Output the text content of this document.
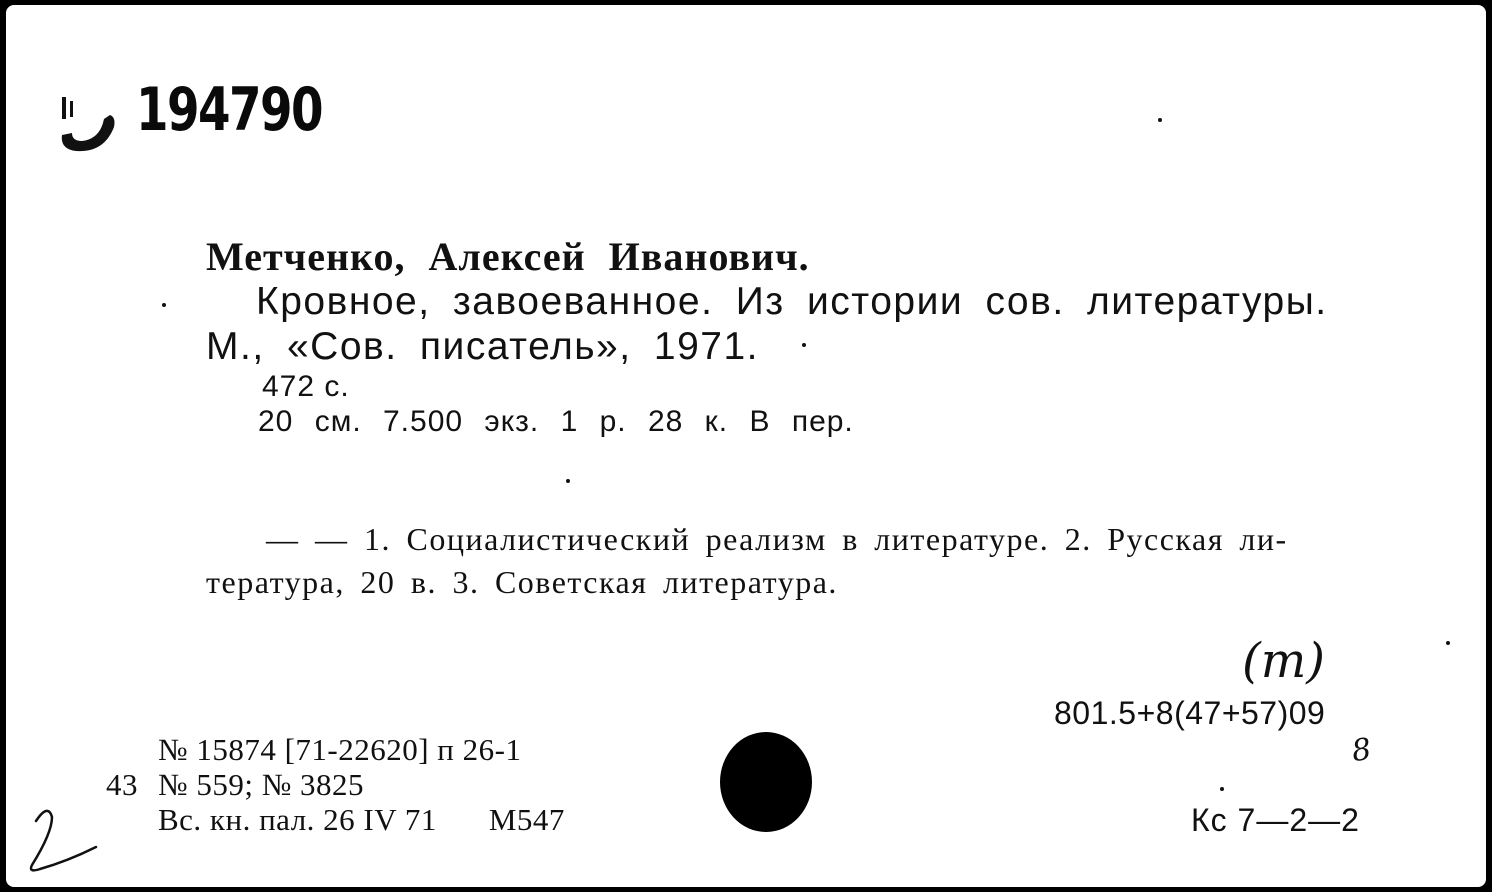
194790
Метченко, Алексей Иванович.
Кровное, завоеванное. Из истории сов. литературы.
М., «Сов. писатель», 1971.
472 с.
20 см. 7.500 экз. 1 р. 28 к. В пер.
— — 1. Социалистический реализм в литературе. 2. Русская ли-
тература, 20 в. 3. Советская литература.
(т)
801.5+8(47+57)09
8
№ 15874 [71-22620] п 26-1
43 № 559; № 3825
Вс. кн. пал. 26 IV 71 М547	Кс 7—2—2
